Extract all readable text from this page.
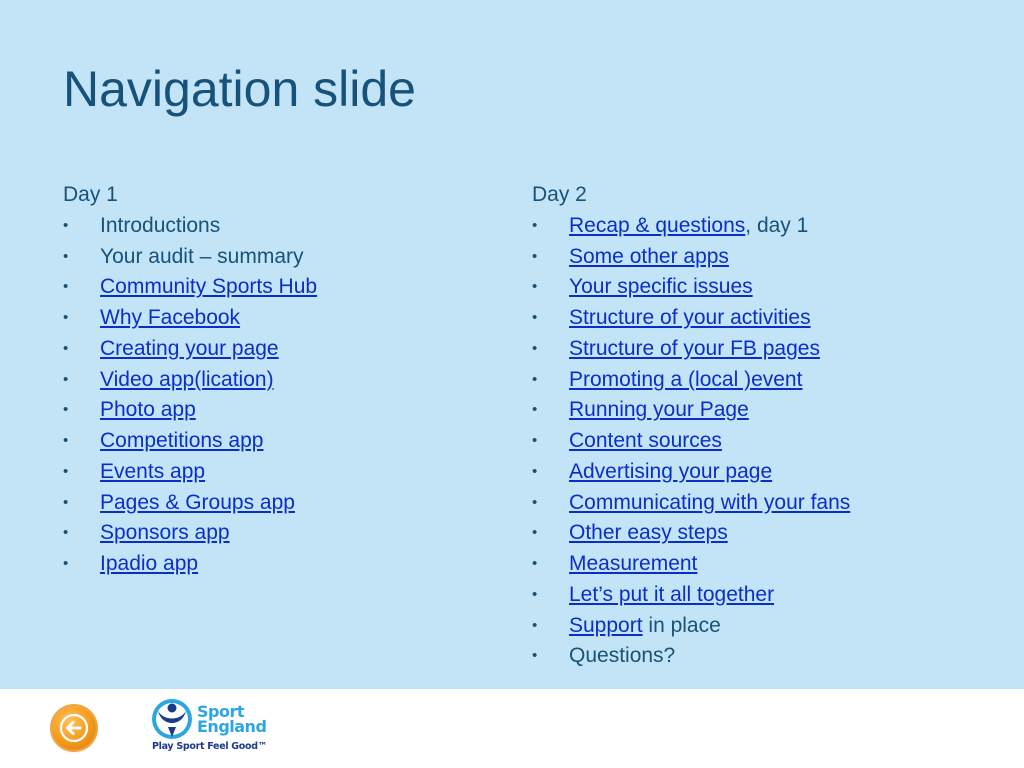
Navigation slide
Day 1
• Introductions
• Your audit – summary
• Community Sports Hub
• Why Facebook
• Creating your page
• Video app(lication)
• Photo app
• Competitions app
• Events app
• Pages & Groups app
• Sponsors app
• Ipadio app
Day 2
• Recap & questions, day 1
• Some other apps
• Your specific issues
• Structure of your activities
• Structure of your FB pages
• Promoting a (local )event
• Running your Page
• Content sources
• Advertising your page
• Communicating with your fans
• Other easy steps
• Measurement
• Let’s put it all together
• Support in place
• Questions?
Sport
England
Play Sport Feel Good™
